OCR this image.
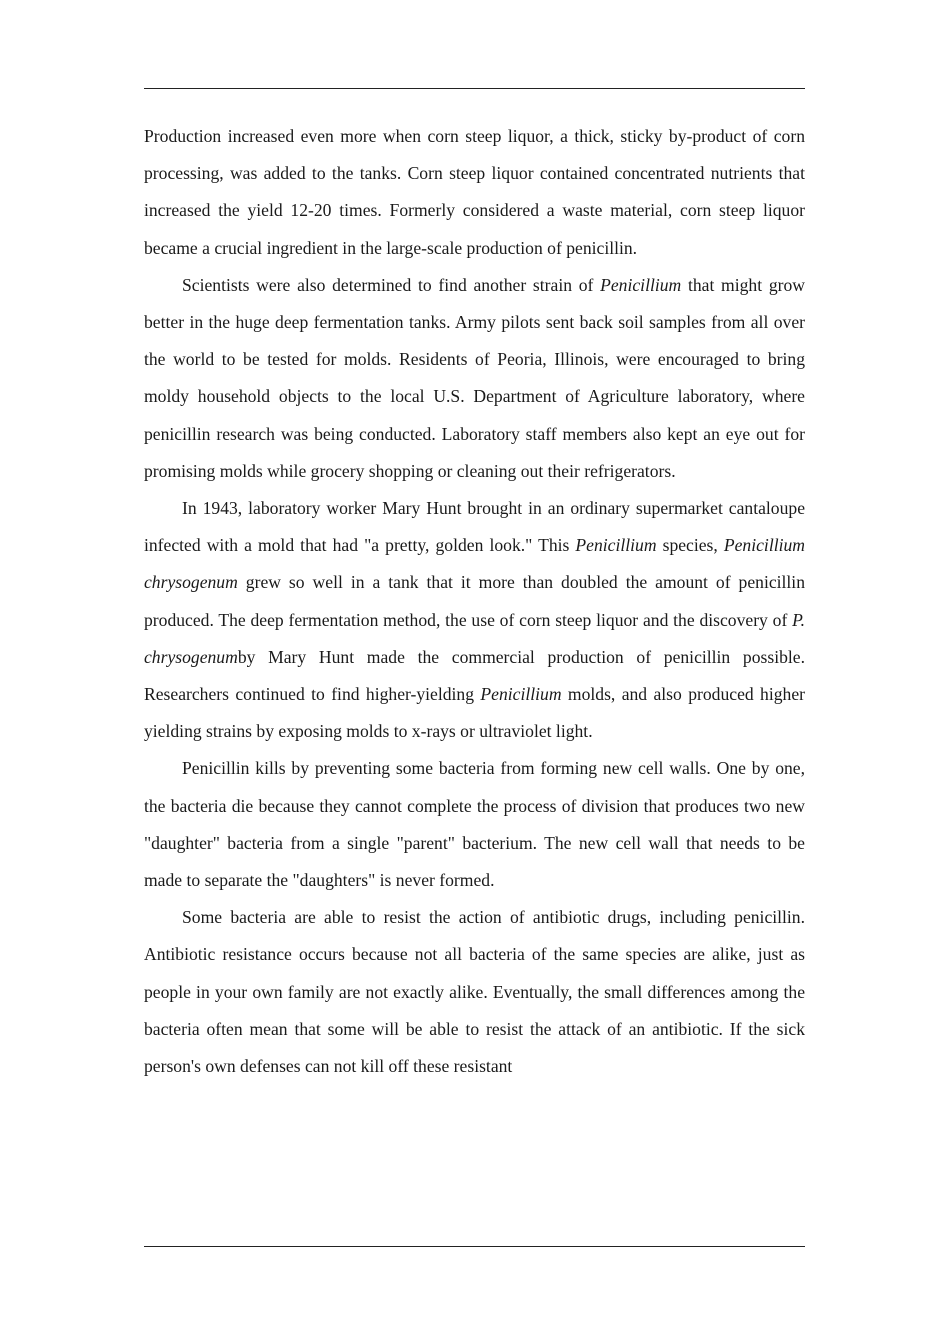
Production increased even more when corn steep liquor, a thick, sticky by-product of corn processing, was added to the tanks. Corn steep liquor contained concentrated nutrients that increased the yield 12-20 times. Formerly considered a waste material, corn steep liquor became a crucial ingredient in the large-scale production of penicillin.

Scientists were also determined to find another strain of Penicillium that might grow better in the huge deep fermentation tanks. Army pilots sent back soil samples from all over the world to be tested for molds. Residents of Peoria, Illinois, were encouraged to bring moldy household objects to the local U.S. Department of Agriculture laboratory, where penicillin research was being conducted. Laboratory staff members also kept an eye out for promising molds while grocery shopping or cleaning out their refrigerators.

In 1943, laboratory worker Mary Hunt brought in an ordinary supermarket cantaloupe infected with a mold that had "a pretty, golden look." This Penicillium species, Penicillium chrysogenum grew so well in a tank that it more than doubled the amount of penicillin produced. The deep fermentation method, the use of corn steep liquor and the discovery of P. chrysogenumby Mary Hunt made the commercial production of penicillin possible. Researchers continued to find higher-yielding Penicillium molds, and also produced higher yielding strains by exposing molds to x-rays or ultraviolet light.

Penicillin kills by preventing some bacteria from forming new cell walls. One by one, the bacteria die because they cannot complete the process of division that produces two new "daughter" bacteria from a single "parent" bacterium. The new cell wall that needs to be made to separate the "daughters" is never formed.

Some bacteria are able to resist the action of antibiotic drugs, including penicillin. Antibiotic resistance occurs because not all bacteria of the same species are alike, just as people in your own family are not exactly alike. Eventually, the small differences among the bacteria often mean that some will be able to resist the attack of an antibiotic. If the sick person's own defenses can not kill off these resistant
